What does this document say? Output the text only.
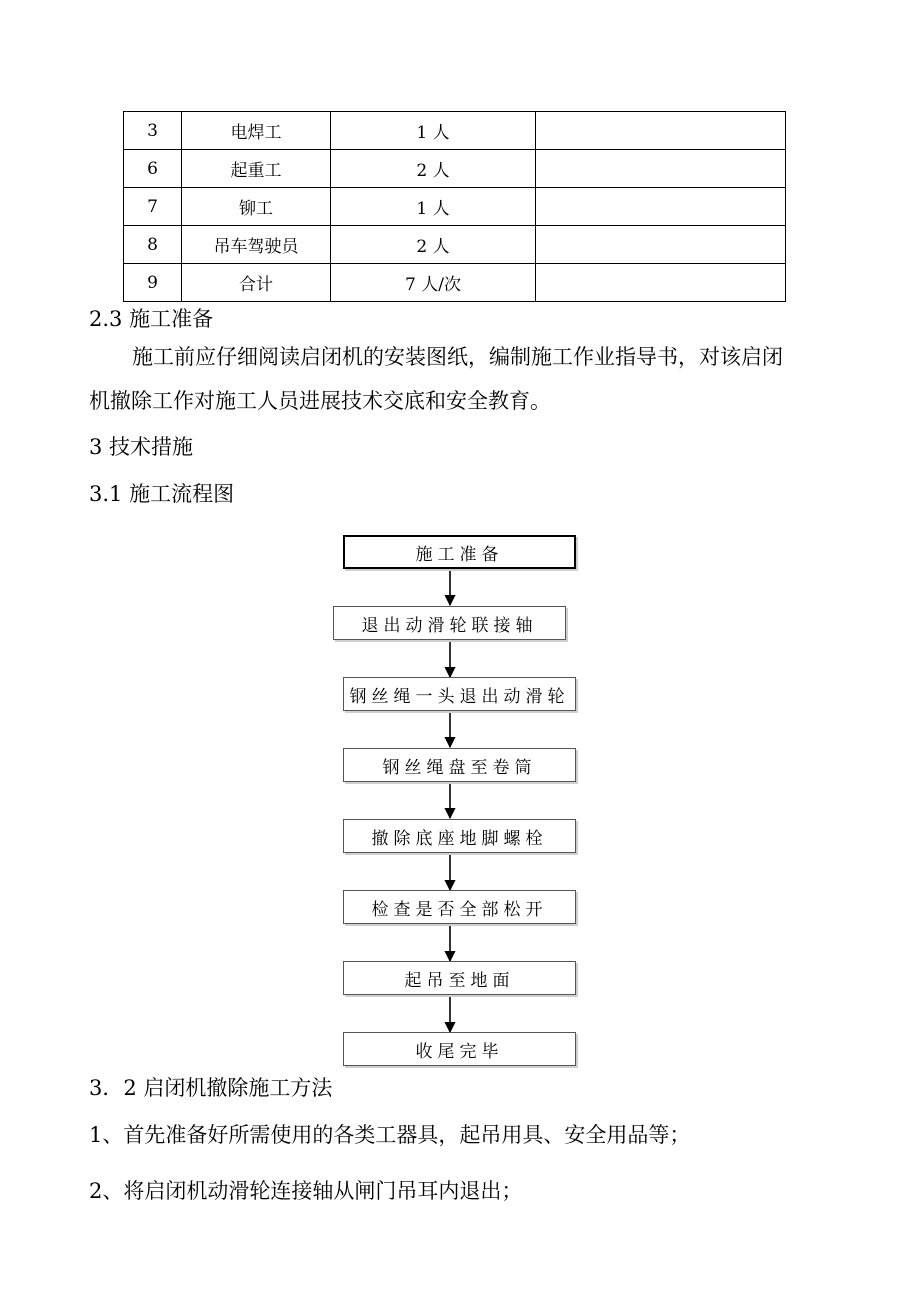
3	电焊工	1 人	
6	起重工	2 人	
7	铆工	1 人	
8	吊车驾驶员	2 人	
9	合计	7 人/次	
2.3 施工准备
施工前应仔细阅读启闭机的安装图纸，编制施工作业指导书，对该启闭
机撤除工作对施工人员进展技术交底和安全教育。
3 技术措施
3.1 施工流程图
施工准备
退出动滑轮联接轴
钢丝绳一头退出动滑轮
钢丝绳盘至卷筒
撤除底座地脚螺栓
检查是否全部松开
起吊至地面
收尾完毕
3．2 启闭机撤除施工方法
1、首先准备好所需使用的各类工器具，起吊用具、安全用品等；
2、将启闭机动滑轮连接轴从闸门吊耳内退出；
